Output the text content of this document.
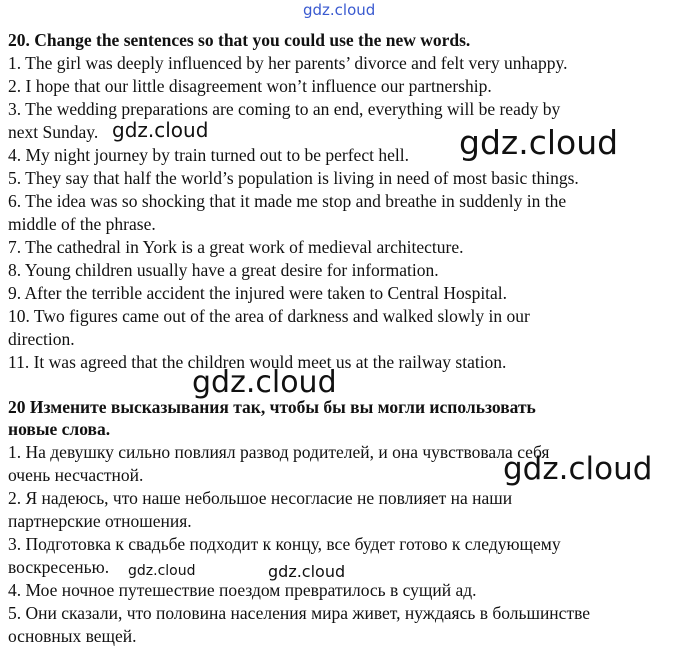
gdz.cloud
20. Change the sentences so that you could use the new words.
1. The girl was deeply influenced by her parents’ divorce and felt very unhappy.
2. I hope that our little disagreement won’t influence our partnership.
3. The wedding preparations are coming to an end, everything will be ready by
next Sunday.
4. My night journey by train turned out to be perfect hell.
5. They say that half the world’s population is living in need of most basic things.
6. The idea was so shocking that it made me stop and breathe in suddenly in the
middle of the phrase.
7. The cathedral in York is a great work of medieval architecture.
8. Young children usually have a great desire for information.
9. After the terrible accident the injured were taken to Central Hospital.
10. Two figures came out of the area of darkness and walked slowly in our
direction.
11. It was agreed that the children would meet us at the railway station.
20 Измените высказывания так, чтобы бы вы могли использовать
новые слова.
1. На девушку сильно повлиял развод родителей, и она чувствовала себя
очень несчастной.
2. Я надеюсь, что наше небольшое несогласие не повлияет на наши
партнерские отношения.
3. Подготовка к свадьбе подходит к концу, все будет готово к следующему
воскресенью.
4. Мое ночное путешествие поездом превратилось в сущий ад.
5. Они сказали, что половина населения мира живет, нуждаясь в большинстве
основных вещей.
gdz.cloud	gdz.cloud
gdz.cloud
gdz.cloud
gdz.cloud	gdz.cloud
